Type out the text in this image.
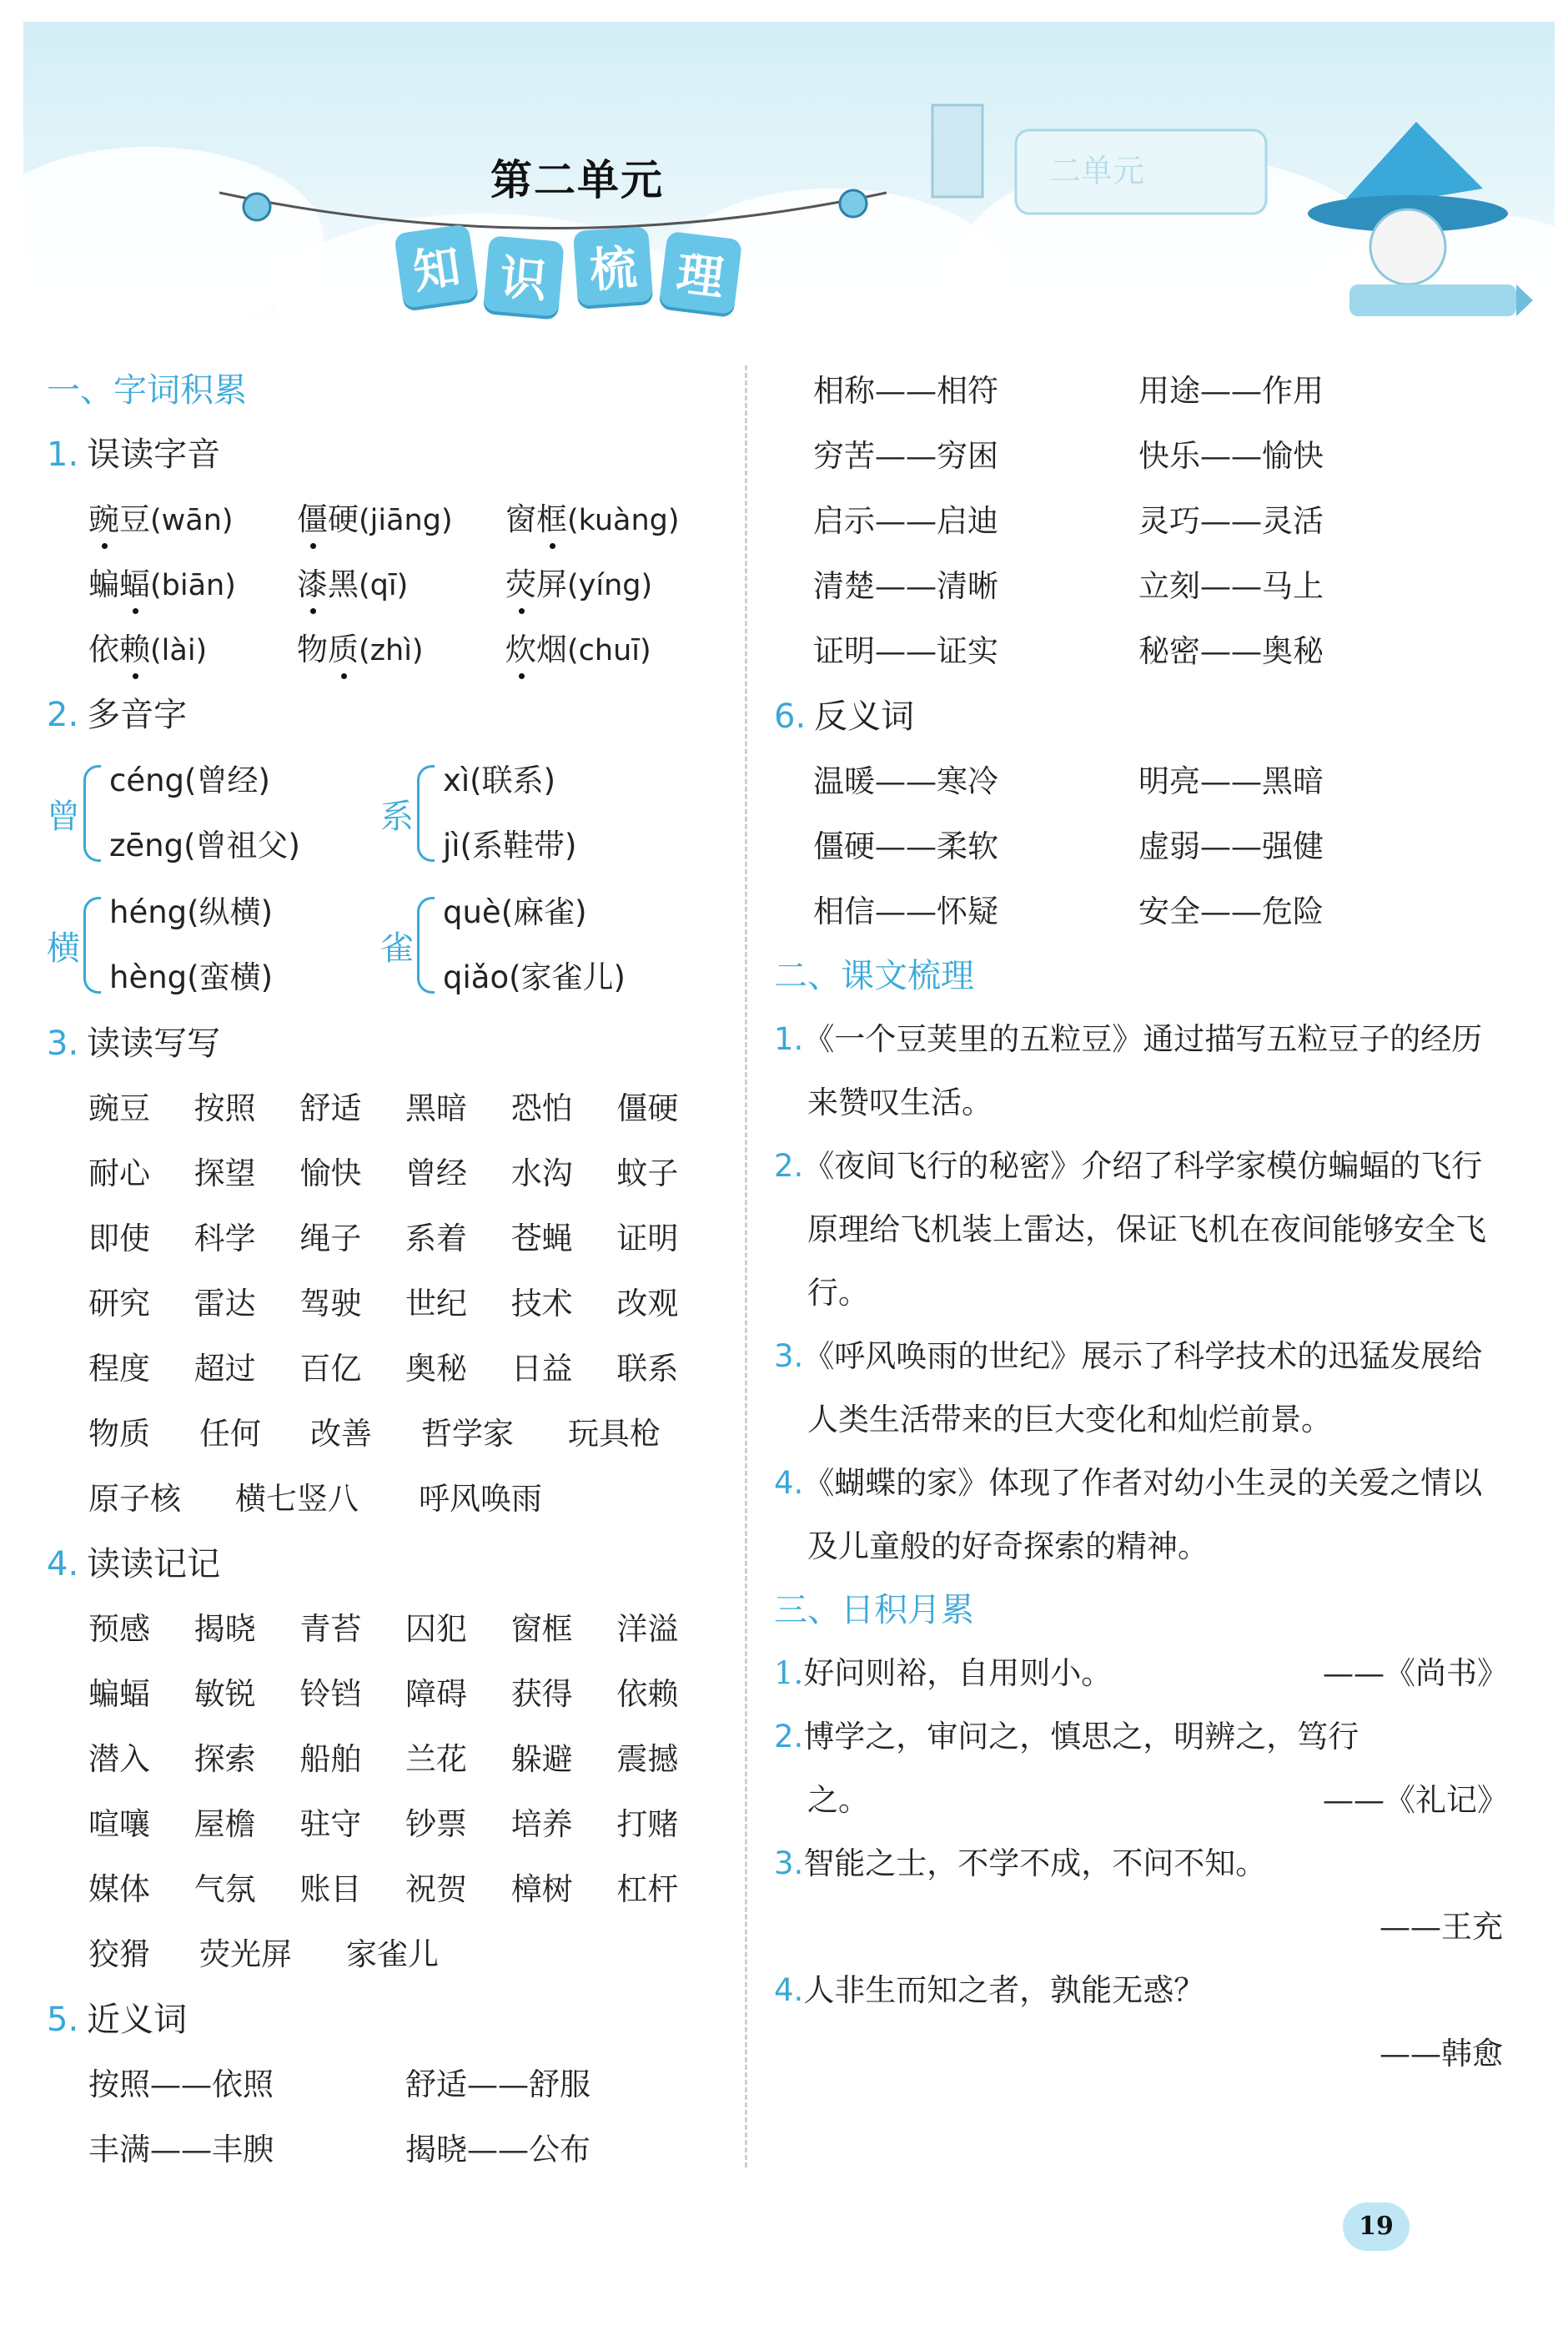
二单元
第二单元
知 识 梳 理
一、字词积累
1. 误读字音
豌豆(wān)	僵硬(jiāng)	窗框(kuàng)
蝙蝠(biān)	漆黑(qī)	荧屏(yíng)
依赖(lài)	物质(zhì)	炊烟(chuī)
2. 多音字
曾
céng(曾经)
zēng(曾祖父)
系
xì(联系)
jì(系鞋带)
横
héng(纵横)
hèng(蛮横)
雀
què(麻雀)
qiǎo(家雀儿)
3. 读读写写
豌豆	按照	舒适	黑暗	恐怕	僵硬
耐心	探望	愉快	曾经	水沟	蚊子
即使	科学	绳子	系着	苍蝇	证明
研究	雷达	驾驶	世纪	技术	改观
程度	超过	百亿	奥秘	日益	联系
物质	任何	改善	哲学家	玩具枪
原子核	横七竖八	呼风唤雨
4. 读读记记
预感	揭晓	青苔	囚犯	窗框	洋溢
蝙蝠	敏锐	铃铛	障碍	获得	依赖
潜入	探索	船舶	兰花	躲避	震撼
喧嚷	屋檐	驻守	钞票	培养	打赌
媒体	气氛	账目	祝贺	樟树	杠杆
狡猾	荧光屏	家雀儿
5. 近义词
按照——依照	舒适——舒服
丰满——丰腴	揭晓——公布
相称——相符	用途——作用
穷苦——穷困	快乐——愉快
启示——启迪	灵巧——灵活
清楚——清晰	立刻——马上
证明——证实	秘密——奥秘
6. 反义词
温暖——寒冷	明亮——黑暗
僵硬——柔软	虚弱——强健
相信——怀疑	安全——危险
二、课文梳理
1.《一个豆荚里的五粒豆》通过描写五粒豆子的经历来赞叹生活。
2.《夜间飞行的秘密》介绍了科学家模仿蝙蝠的飞行原理给飞机装上雷达，保证飞机在夜间能够安全飞行。
3.《呼风唤雨的世纪》展示了科学技术的迅猛发展给人类生活带来的巨大变化和灿烂前景。
4.《蝴蝶的家》体现了作者对幼小生灵的关爱之情以及儿童般的好奇探索的精神。
三、日积月累
1.好问则裕，自用则小。	——《尚书》
2.博学之，审问之，慎思之，明辨之，笃行
之。	——《礼记》
3.智能之士，不学不成，不问不知。
——王充
4.人非生而知之者，孰能无惑？
——韩愈
19
